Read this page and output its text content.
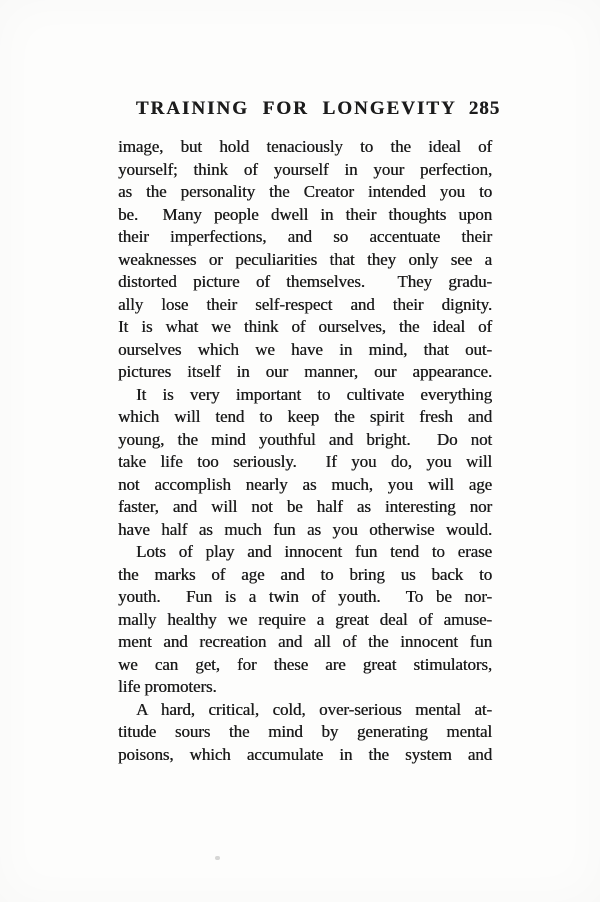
TRAINING FOR LONGEVITY 285
image, but hold tenaciously to the ideal of
yourself; think of yourself in your perfection,
as the personality the Creator intended you to
be.  Many people dwell in their thoughts upon
their imperfections, and so accentuate their
weaknesses or peculiarities that they only see a
distorted picture of themselves.  They gradu-
ally lose their self-respect and their dignity.
It is what we think of ourselves, the ideal of
ourselves which we have in mind, that out-
pictures itself in our manner, our appearance.
It is very important to cultivate everything
which will tend to keep the spirit fresh and
young, the mind youthful and bright.  Do not
take life too seriously.  If you do, you will
not accomplish nearly as much, you will age
faster, and will not be half as interesting nor
have half as much fun as you otherwise would.
Lots of play and innocent fun tend to erase
the marks of age and to bring us back to
youth.  Fun is a twin of youth.  To be nor-
mally healthy we require a great deal of amuse-
ment and recreation and all of the innocent fun
we can get, for these are great stimulators,
life promoters.
A hard, critical, cold, over-serious mental at-
titude sours the mind by generating mental
poisons, which accumulate in the system and
